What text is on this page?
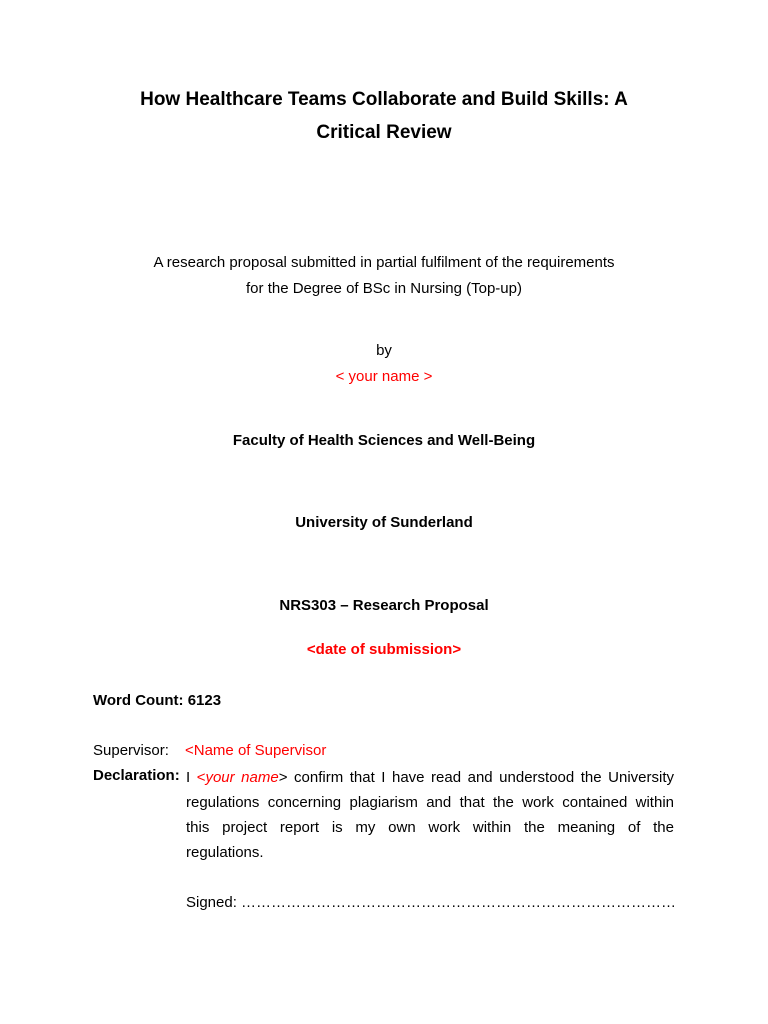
How Healthcare Teams Collaborate and Build Skills: A
Critical Review
A research proposal submitted in partial fulfilment of the requirements
for the Degree of BSc in Nursing (Top-up)
by
< your name >
Faculty of Health Sciences and Well-Being
University of Sunderland
NRS303 – Research Proposal
<date of submission>
Word Count: 6123
Supervisor: <Name of Supervisor
Declaration: I <your name> confirm that I have read and understood the University
regulations concerning plagiarism and that the work contained within
this project report is my own work within the meaning of the
regulations.
Signed: ……………………………………………………………………………
